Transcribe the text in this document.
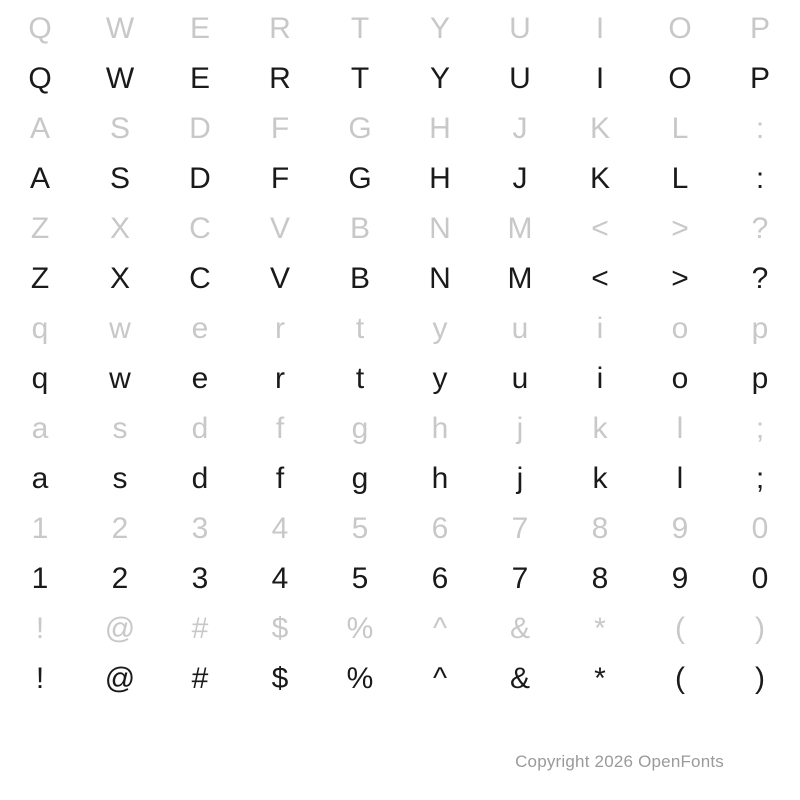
Q	W	E	R	T	Y	U	I	O	P
Q	W	E	R	T	Y	U	I	O	P
A	S	D	F	G	H	J	K	L	:
A	S	D	F	G	H	J	K	L	:
Z	X	C	V	B	N	M	<	>	?
Z	X	C	V	B	N	M	<	>	?
q	w	e	r	t	y	u	i	o	p
q	w	e	r	t	y	u	i	o	p
a	s	d	f	g	h	j	k	l	;
a	s	d	f	g	h	j	k	l	;
1	2	3	4	5	6	7	8	9	0
1	2	3	4	5	6	7	8	9	0
!	@	#	$	%	^	&	*	(	)
!	@	#	$	%	^	&	*	(	)
Copyright 2026 OpenFonts
